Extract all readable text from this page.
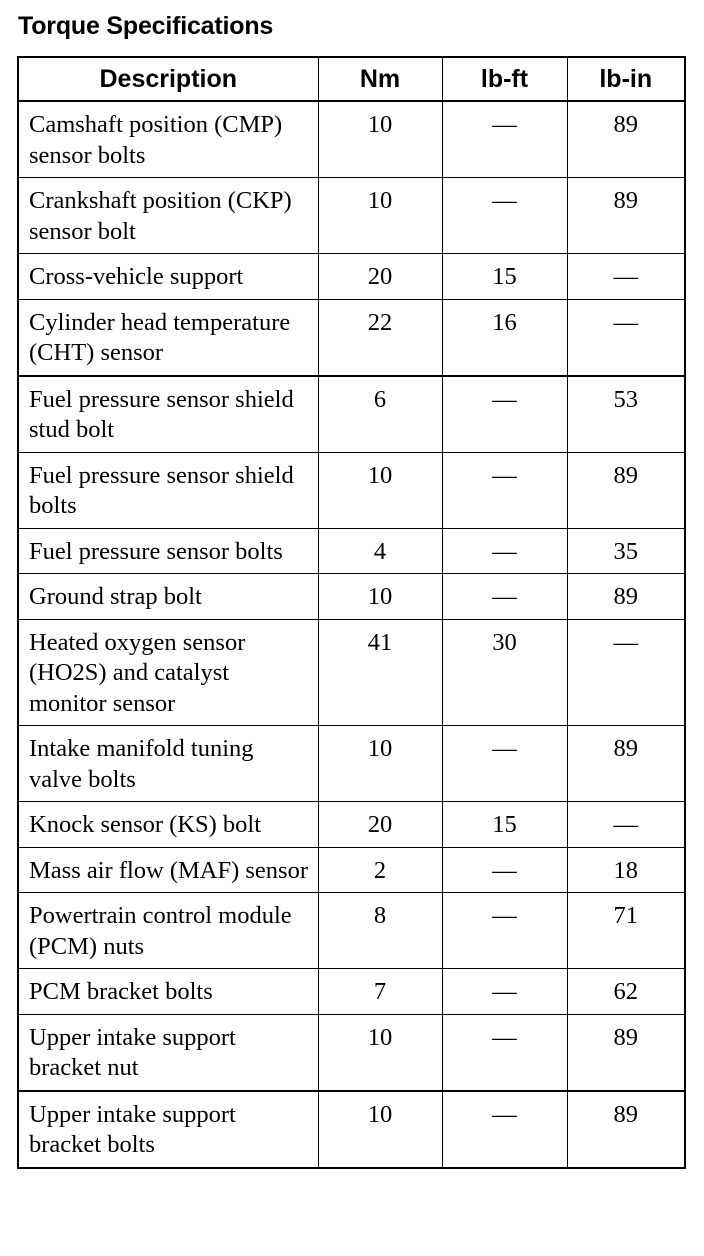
Torque Specifications
Description	Nm	lb-ft	lb-in
Camshaft position (CMP) sensor bolts	10	—	89
Crankshaft position (CKP) sensor bolt	10	—	89
Cross-vehicle support	20	15	—
Cylinder head temperature (CHT) sensor	22	16	—
Fuel pressure sensor shield stud bolt	6	—	53
Fuel pressure sensor shield bolts	10	—	89
Fuel pressure sensor bolts	4	—	35
Ground strap bolt	10	—	89
Heated oxygen sensor (HO2S) and catalyst monitor sensor	41	30	—
Intake manifold tuning valve bolts	10	—	89
Knock sensor (KS) bolt	20	15	—
Mass air flow (MAF) sensor	2	—	18
Powertrain control module (PCM) nuts	8	—	71
PCM bracket bolts	7	—	62
Upper intake support bracket nut	10	—	89
Upper intake support bracket bolts	10	—	89
